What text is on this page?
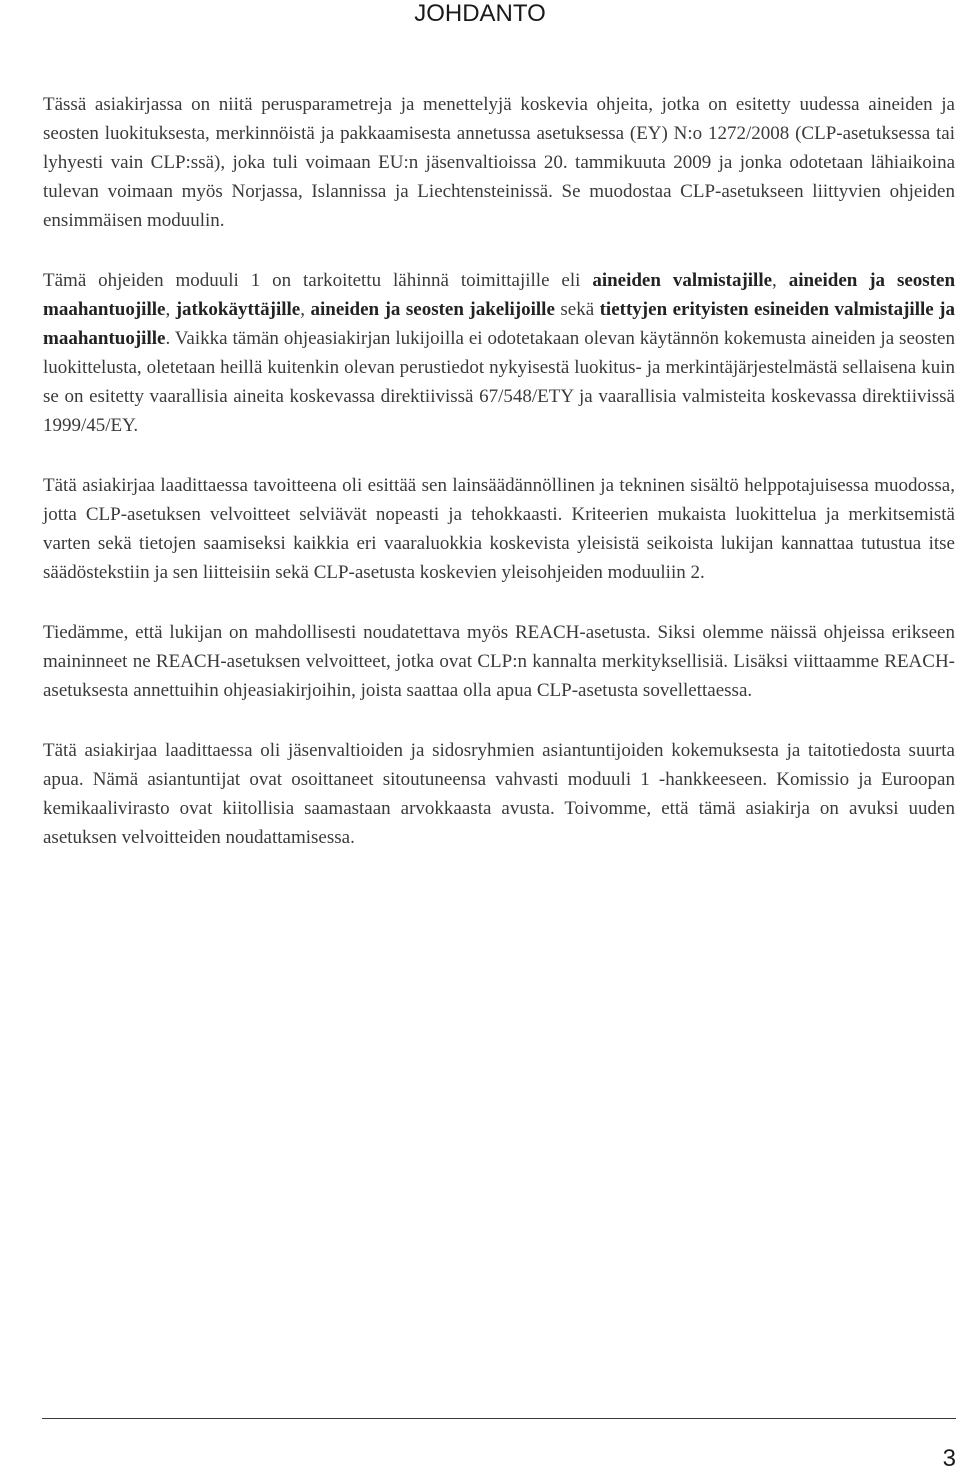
JOHDANTO

Tässä asiakirjassa on niitä perusparametreja ja menettelyjä koskevia ohjeita, jotka on esitetty uudessa aineiden ja seosten luokituksesta, merkinnöistä ja pakkaamisesta annetussa asetuksessa (EY) N:o 1272/2008 (CLP-asetuksessa tai lyhyesti vain CLP:ssä), joka tuli voimaan EU:n jäsenvaltioissa 20. tammikuuta 2009 ja jonka odotetaan lähiaikoina tulevan voimaan myös Norjassa, Islannissa ja Liechtensteinissä. Se muodostaa CLP-asetukseen liittyvien ohjeiden ensimmäisen moduulin.

Tämä ohjeiden moduuli 1 on tarkoitettu lähinnä toimittajille eli aineiden valmistajille, aineiden ja seosten maahantuojille, jatkokäyttäjille, aineiden ja seosten jakelijoille sekä tiettyjen erityisten esineiden valmistajille ja maahantuojille. Vaikka tämän ohjeasiakirjan lukijoilla ei odotetakaan olevan käytännön kokemusta aineiden ja seosten luokittelusta, oletetaan heillä kuitenkin olevan perustiedot nykyisestä luokitus- ja merkintäjärjestelmästä sellaisena kuin se on esitetty vaarallisia aineita koskevassa direktiivissä 67/548/ETY ja vaarallisia valmisteita koskevassa direktiivissä 1999/45/EY.

Tätä asiakirjaa laadittaessa tavoitteena oli esittää sen lainsäädännöllinen ja tekninen sisältö helppotajuisessa muodossa, jotta CLP-asetuksen velvoitteet selviävät nopeasti ja tehokkaasti. Kriteerien mukaista luokittelua ja merkitsemistä varten sekä tietojen saamiseksi kaikkia eri vaaraluokkia koskevista yleisistä seikoista lukijan kannattaa tutustua itse säädöstekstiin ja sen liitteisiin sekä CLP-asetusta koskevien yleisohjeiden moduuliin 2.

Tiedämme, että lukijan on mahdollisesti noudatettava myös REACH-asetusta. Siksi olemme näissä ohjeissa erikseen maininneet ne REACH-asetuksen velvoitteet, jotka ovat CLP:n kannalta merkityksellisiä. Lisäksi viittaamme REACH-asetuksesta annettuihin ohjeasiakirjoihin, joista saattaa olla apua CLP-asetusta sovellettaessa.

Tätä asiakirjaa laadittaessa oli jäsenvaltioiden ja sidosryhmien asiantuntijoiden kokemuksesta ja taitotiedosta suurta apua. Nämä asiantuntijat ovat osoittaneet sitoutuneensa vahvasti moduuli 1 -hankkeeseen. Komissio ja Euroopan kemikaalivirasto ovat kiitollisia saamastaan arvokkaasta avusta. Toivomme, että tämä asiakirja on avuksi uuden asetuksen velvoitteiden noudattamisessa.

3
